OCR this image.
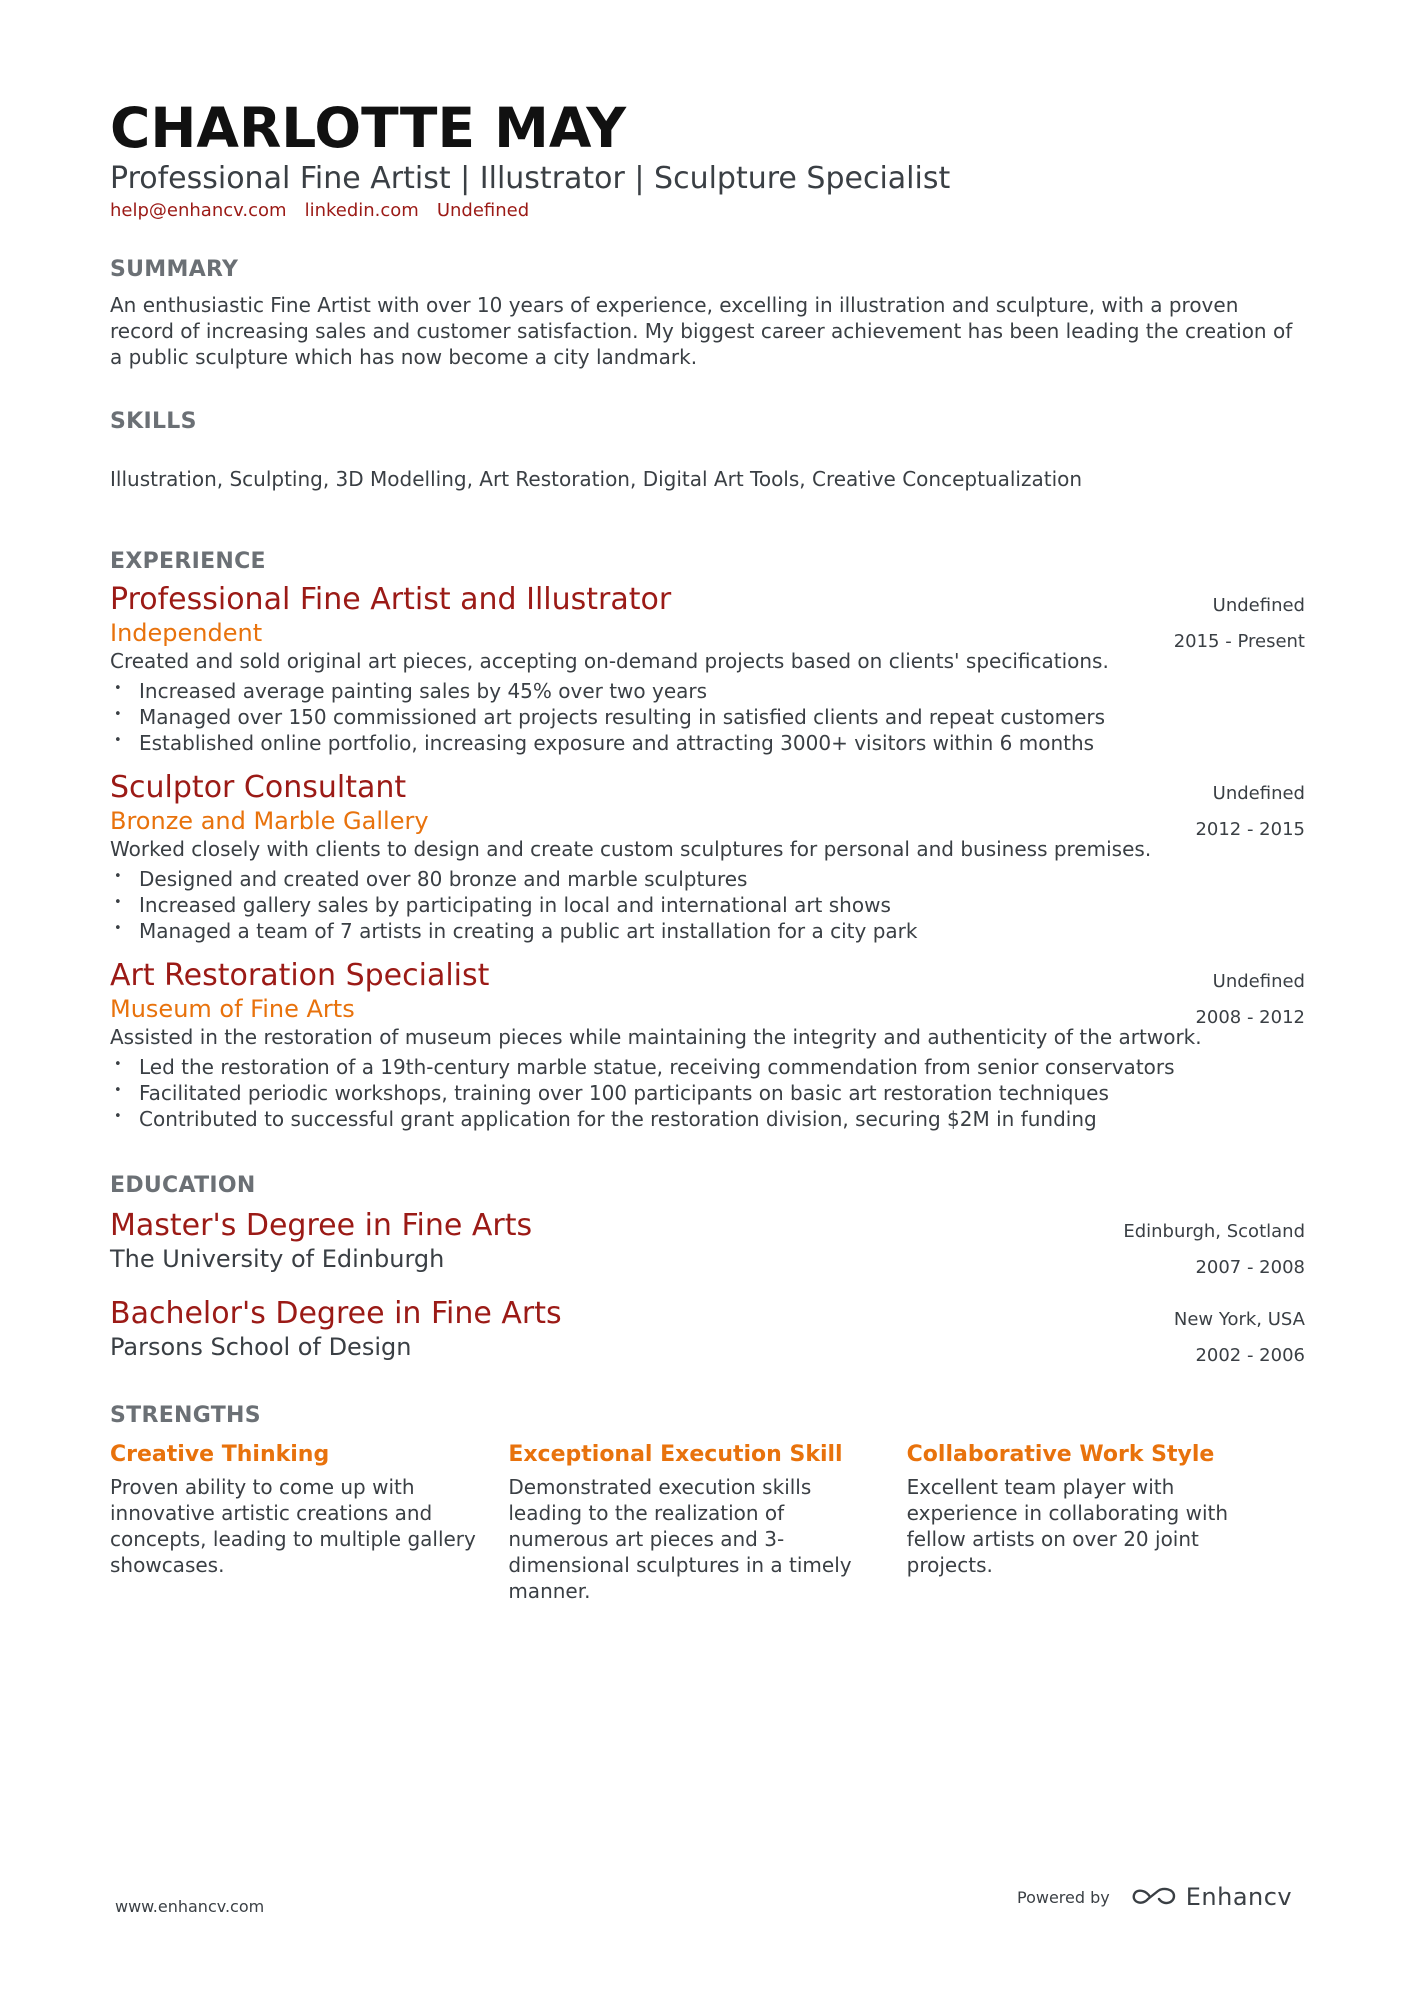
CHARLOTTE MAY
Professional Fine Artist | Illustrator | Sculpture Specialist
help@enhancv.com linkedin.com Undefined
SUMMARY
An enthusiastic Fine Artist with over 10 years of experience, excelling in illustration and sculpture, with a proven record of increasing sales and customer satisfaction. My biggest career achievement has been leading the creation of a public sculpture which has now become a city landmark.
SKILLS
Illustration, Sculpting, 3D Modelling, Art Restoration, Digital Art Tools, Creative Conceptualization
EXPERIENCE
Professional Fine Artist and Illustrator
Independent
Undefined
2015 - Present
Created and sold original art pieces, accepting on-demand projects based on clients' specifications.
• Increased average painting sales by 45% over two years
• Managed over 150 commissioned art projects resulting in satisfied clients and repeat customers
• Established online portfolio, increasing exposure and attracting 3000+ visitors within 6 months
Sculptor Consultant
Bronze and Marble Gallery
Undefined
2012 - 2015
Worked closely with clients to design and create custom sculptures for personal and business premises.
• Designed and created over 80 bronze and marble sculptures
• Increased gallery sales by participating in local and international art shows
• Managed a team of 7 artists in creating a public art installation for a city park
Art Restoration Specialist
Museum of Fine Arts
Undefined
2008 - 2012
Assisted in the restoration of museum pieces while maintaining the integrity and authenticity of the artwork.
• Led the restoration of a 19th-century marble statue, receiving commendation from senior conservators
• Facilitated periodic workshops, training over 100 participants on basic art restoration techniques
• Contributed to successful grant application for the restoration division, securing $2M in funding
EDUCATION
Master's Degree in Fine Arts
The University of Edinburgh
Edinburgh, Scotland
2007 - 2008
Bachelor's Degree in Fine Arts
Parsons School of Design
New York, USA
2002 - 2006
STRENGTHS
Creative Thinking
Proven ability to come up with innovative artistic creations and concepts, leading to multiple gallery showcases.
Exceptional Execution Skill
Demonstrated execution skills leading to the realization of numerous art pieces and 3-dimensional sculptures in a timely manner.
Collaborative Work Style
Excellent team player with experience in collaborating with fellow artists on over 20 joint projects.
www.enhancv.com	Powered by	Enhancv
